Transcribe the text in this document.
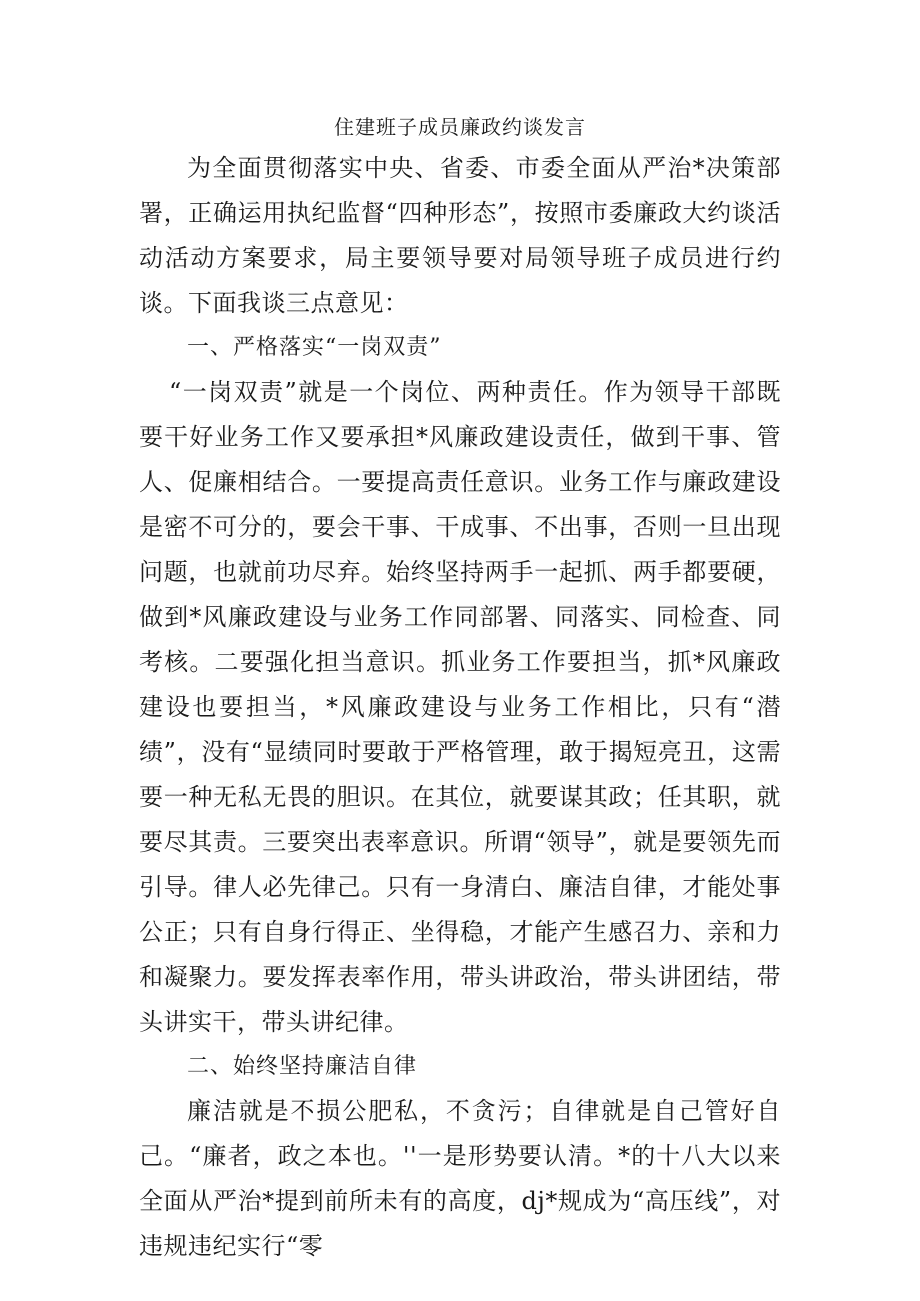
住建班子成员廉政约谈发言

为全面贯彻落实中央、省委、市委全面从严治*决策部署，正确运用执纪监督“四种形态”，按照市委廉政大约谈活动活动方案要求，局主要领导要对局领导班子成员进行约谈。下面我谈三点意见：

一、严格落实“一岗双责”

“一岗双责”就是一个岗位、两种责任。作为领导干部既要干好业务工作又要承担*风廉政建设责任，做到干事、管人、促廉相结合。一要提高责任意识。业务工作与廉政建设是密不可分的，要会干事、干成事、不出事，否则一旦出现问题，也就前功尽弃。始终坚持两手一起抓、两手都要硬，做到*风廉政建设与业务工作同部署、同落实、同检查、同考核。二要强化担当意识。抓业务工作要担当，抓*风廉政建设也要担当，*风廉政建设与业务工作相比，只有“潜绩”，没有“显绩同时要敢于严格管理，敢于揭短亮丑，这需要一种无私无畏的胆识。在其位，就要谋其政；任其职，就要尽其责。三要突出表率意识。所谓“领导”，就是要领先而引导。律人必先律己。只有一身清白、廉洁自律，才能处事公正；只有自身行得正、坐得稳，才能产生感召力、亲和力和凝聚力。要发挥表率作用，带头讲政治，带头讲团结，带头讲实干，带头讲纪律。

二、始终坚持廉洁自律

廉洁就是不损公肥私，不贪污；自律就是自己管好自己。“廉者，政之本也。''一是形势要认清。*的十八大以来全面从严治*提到前所未有的高度，dj*规成为“高压线”，对违规违纪实行“零
